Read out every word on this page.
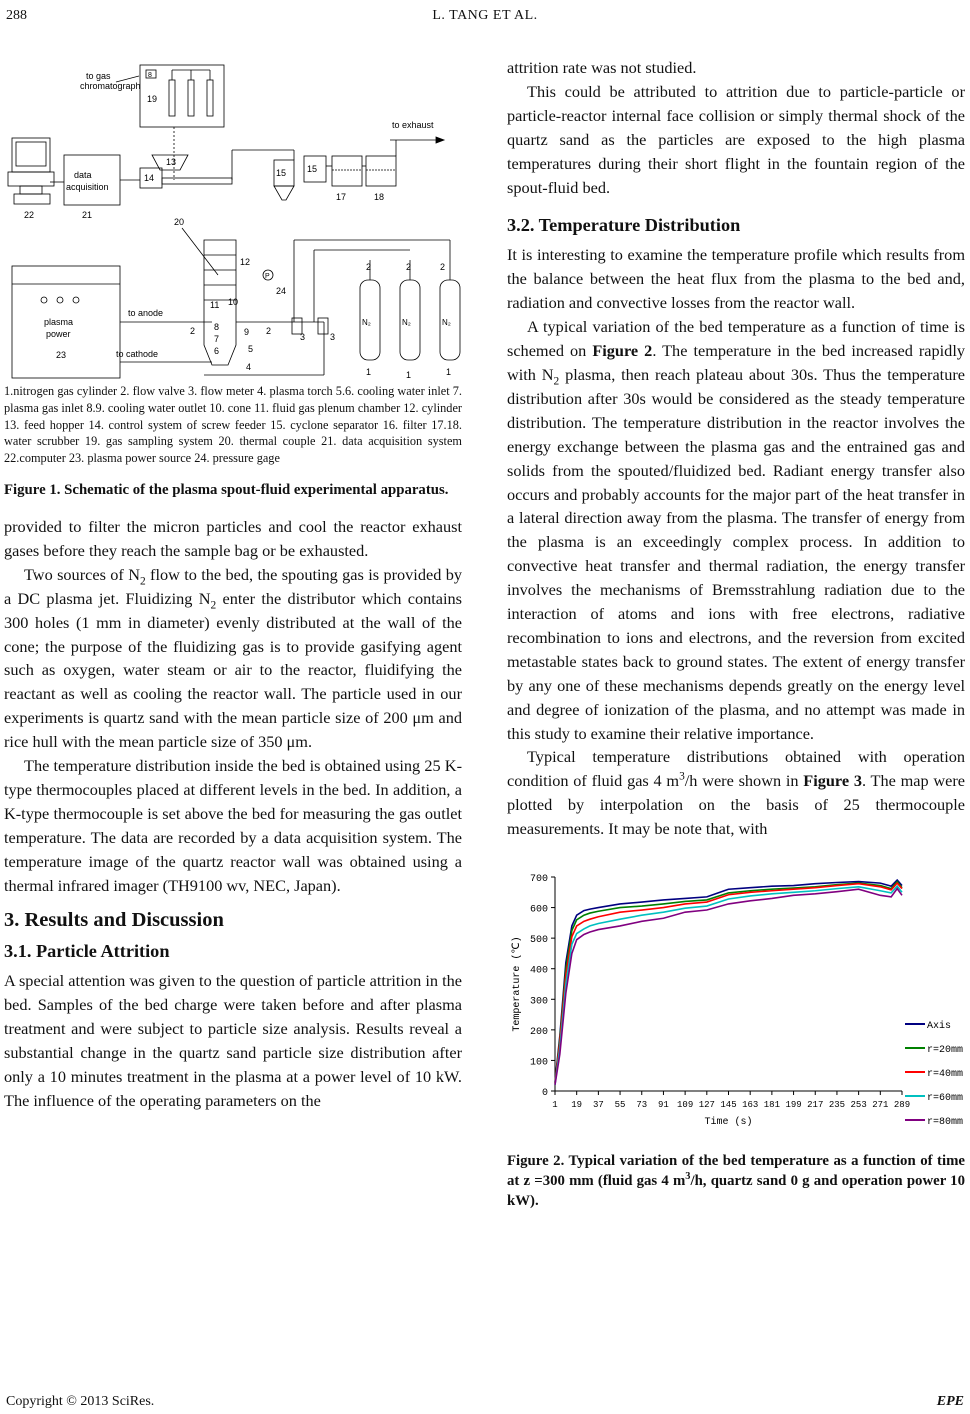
288	L. TANG ET AL.
to gas
chromatograph
8
19
to exhaust
22
data
acquisition
21
13
14	15 15
17	18
20
12
P
24
11 10
9
8
7
6	5
4
2	2
3	3
plasma
power
23
to anode
to cathode
N₂	N₂	N₂
1	1	1
2	2	2
1.nitrogen gas cylinder 2. flow valve 3. flow meter 4. plasma torch 5.6. cooling water inlet 7. plasma gas inlet 8.9. cooling water outlet 10. cone 11. fluid gas plenum chamber 12. cylinder 13. feed hopper 14. control system of screw feeder 15. cyclone separator 16. filter 17.18. water scrubber 19. gas sampling system 20. thermal couple 21. data acquisition system 22.computer 23. plasma power source 24. pressure gage
Figure 1. Schematic of the plasma spout-fluid experimental apparatus.

provided to filter the micron particles and cool the reactor exhaust gases before they reach the sample bag or be exhausted.

Two sources of $N_2$ flow to the bed, the spouting gas is provided by a DC plasma jet. Fluidizing $N_2$ enter the distributor which contains 300 holes (1 mm in diameter) evenly distributed at the wall of the cone; the purpose of the fluidizing gas is to provide gasifying agent such as oxygen, water steam or air to the reactor, fluidifying the reactant as well as cooling the reactor wall. The particle used in our experiments is quartz sand with the mean particle size of 200 μm and rice hull with the mean particle size of 350 μm.

The temperature distribution inside the bed is obtained using 25 K-type thermocouples placed at different levels in the bed. In addition, a K-type thermocouple is set above the bed for measuring the gas outlet temperature. The data are recorded by a data acquisition system. The temperature image of the quartz reactor wall was obtained using a thermal infrared imager (TH9100 wv, NEC, Japan).

3. Results and Discussion
3.1. Particle Attrition

A special attention was given to the question of particle attrition in the bed. Samples of the bed charge were taken before and after plasma treatment and were subject to particle size analysis. Results reveal a substantial change in the quartz sand particle size distribution after only a 10 minutes treatment in the plasma at a power level of 10 kW. The influence of the operating parameters on the

attrition rate was not studied.

This could be attributed to attrition due to particle-particle or particle-reactor internal face collision or simply thermal shock of the quartz sand as the particles are exposed to the high plasma temperatures during their short flight in the fountain region of the spout-fluid bed.

3.2. Temperature Distribution

It is interesting to examine the temperature profile which results from the balance between the heat flux from the plasma to the bed and, radiation and convective losses from the reactor wall.

A typical variation of the bed temperature as a function of time is schemed on Figure 2. The temperature in the bed increased rapidly with $N_2$ plasma, then reach plateau about 30s. Thus the temperature distribution after 30s would be considered as the steady temperature distribution. The temperature distribution in the reactor involves the energy exchange between the plasma gas and the entrained gas and solids from the spouted/fluidized bed. Radiant energy transfer also occurs and probably accounts for the major part of the heat transfer in a lateral direction away from the plasma. The transfer of energy from the plasma is an exceedingly complex process. In addition to convective heat transfer and thermal radiation, the energy transfer involves the mechanisms of Bremsstrahlung radiation due to the interaction of atoms and ions with free electrons, radiative recombination to ions and electrons, and the reversion from excited metastable states back to ground states. The extent of energy transfer by any one of these mechanisms depends greatly on the energy level and degree of ionization of the plasma, and no attempt was made in this study to examine their relative importance.

Typical temperature distributions obtained with operation condition of fluid gas 4 $m^3/h$ were shown in Figure 3. The map were plotted by interpolation on the basis of 25 thermocouple measurements. It may be note that, with

0
100
200
300
400
500
600
700
1 19 37 55 73 91 109 127 145 163 181 199 217 235 253 271 289
Time (s)
Temperature (℃)	Axis
r=20mm
r=40mm
r=60mm
r=80mm
Figure 2. Typical variation of the bed temperature as a function of time at z =300 mm (fluid gas 4 $m^3/h$, quartz sand 0 g and operation power 10 kW).
Copyright © 2013 SciRes.	EPE
